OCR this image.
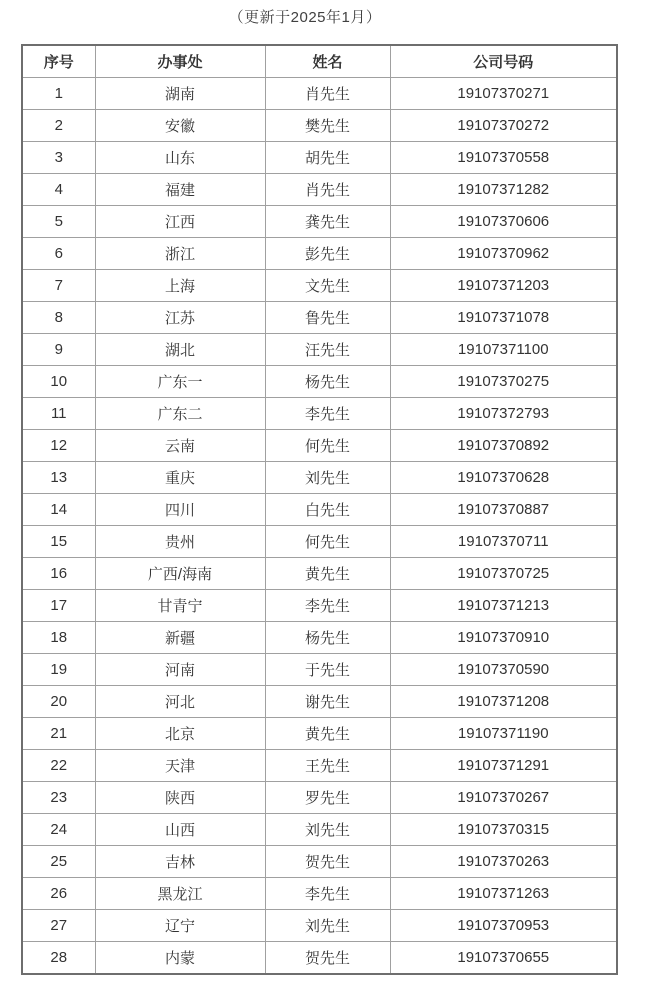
（更新于2025年1月）
序号	办事处	姓名	公司号码
1	湖南	肖先生	19107370271
2	安徽	樊先生	19107370272
3	山东	胡先生	19107370558
4	福建	肖先生	19107371282
5	江西	龚先生	19107370606
6	浙江	彭先生	19107370962
7	上海	文先生	19107371203
8	江苏	鲁先生	19107371078
9	湖北	汪先生	19107371100
10	广东一	杨先生	19107370275
11	广东二	李先生	19107372793
12	云南	何先生	19107370892
13	重庆	刘先生	19107370628
14	四川	白先生	19107370887
15	贵州	何先生	19107370711
16	广西/海南	黄先生	19107370725
17	甘青宁	李先生	19107371213
18	新疆	杨先生	19107370910
19	河南	于先生	19107370590
20	河北	谢先生	19107371208
21	北京	黄先生	19107371190
22	天津	王先生	19107371291
23	陕西	罗先生	19107370267
24	山西	刘先生	19107370315
25	吉林	贺先生	19107370263
26	黑龙江	李先生	19107371263
27	辽宁	刘先生	19107370953
28	内蒙	贺先生	19107370655
